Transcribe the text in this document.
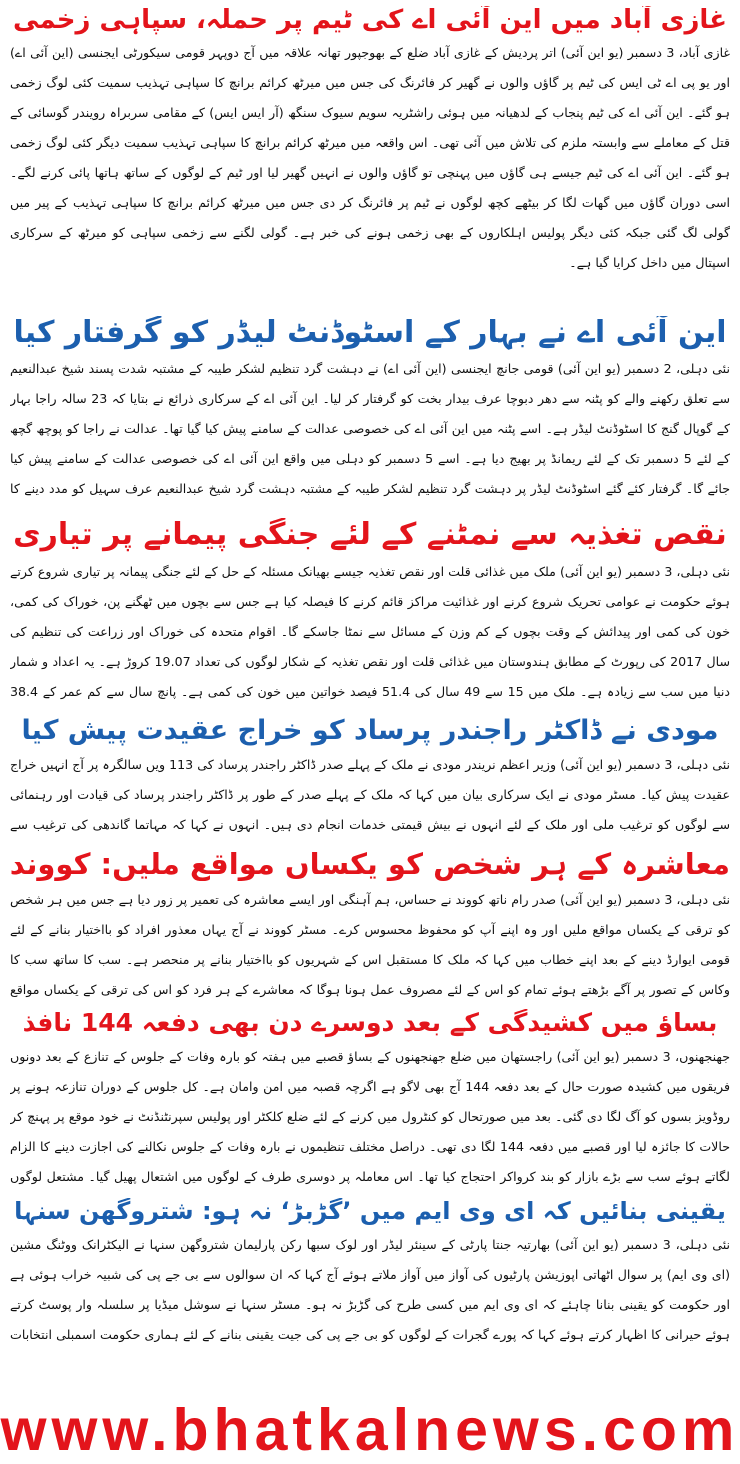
غازی آباد میں این آئی اے کی ٹیم پر حملہ، سپاہی زخمی

غازی آباد، 3 دسمبر (یو این آئی) اتر پردیش کے غازی آباد ضلع کے بھوجپور تھانہ علاقہ میں آج دوپہر قومی سیکورٹی ایجنسی (این آئی اے) اور یو پی اے ٹی ایس کی ٹیم پر گاؤں والوں نے گھیر کر فائرنگ کی جس میں میرٹھ کرائم برانچ کا سپاہی تہذیب سمیت کئی لوگ زخمی ہو گئے۔ این آئی اے کی ٹیم پنجاب کے لدھیانہ میں ہوئی راشٹریہ سویم سیوک سنگھ (آر ایس ایس) کے مقامی سربراہ رویندر گوسائی کے قتل کے معاملے سے وابستہ ملزم کی تلاش میں آئی تھی۔ اس واقعہ میں میرٹھ کرائم برانچ کا سپاہی تہذیب سمیت دیگر کئی لوگ زخمی ہو گئے۔ این آئی اے کی ٹیم جیسے ہی گاؤں میں پہنچی تو گاؤں والوں نے انہیں گھیر لیا اور ٹیم کے لوگوں کے ساتھ ہاتھا پائی کرنے لگے۔ اسی دوران گاؤں میں گھات لگا کر بیٹھے کچھ لوگوں نے ٹیم پر فائرنگ کر دی جس میں میرٹھ کرائم برانچ کا سپاہی تہذیب کے پیر میں گولی لگ گئی جبکہ کئی دیگر پولیس اہلکاروں کے بھی زخمی ہونے کی خبر ہے۔ گولی لگنے سے زخمی سپاہی کو میرٹھ کے سرکاری اسپتال میں داخل کرایا گیا ہے۔

این آئی اے نے بہار کے اسٹوڈنٹ لیڈر کو گرفتار کیا

نئی دہلی، 2 دسمبر (یو این آئی) قومی جانچ ایجنسی (این آئی اے) نے دہشت گرد تنظیم لشکر طیبہ کے مشتبہ شدت پسند شیخ عبدالنعیم سے تعلق رکھنے والے کو پٹنہ سے دھر دبوچا عرف بیدار بخت کو گرفتار کر لیا۔ این آئی اے کے سرکاری ذرائع نے بتایا کہ 23 سالہ راجا بہار کے گوپال گنج کا اسٹوڈنٹ لیڈر ہے۔ اسے پٹنہ میں این آئی اے کی خصوصی عدالت کے سامنے پیش کیا گیا تھا۔ عدالت نے راجا کو پوچھ گچھ کے لئے 5 دسمبر تک کے لئے ریمانڈ پر بھیج دیا ہے۔ اسے 5 دسمبر کو دہلی میں واقع این آئی اے کی خصوصی عدالت کے سامنے پیش کیا جائے گا۔ گرفتار کئے گئے اسٹوڈنٹ لیڈر پر دہشت گرد تنظیم لشکر طیبہ کے مشتبہ دہشت گرد شیخ عبدالنعیم عرف سہیل کو مدد دینے کا

نقص تغذیہ سے نمٹنے کے لئے جنگی پیمانے پر تیاری

نئی دہلی، 3 دسمبر (یو این آئی) ملک میں غذائی قلت اور نقص تغذیہ جیسے بھیانک مسئلہ کے حل کے لئے جنگی پیمانہ پر تیاری شروع کرتے ہوئے حکومت نے عوامی تحریک شروع کرنے اور غذائیت مراکز قائم کرنے کا فیصلہ کیا ہے جس سے بچوں میں ٹھگنے پن، خوراک کی کمی، خون کی کمی اور پیدائش کے وقت بچوں کے کم وزن کے مسائل سے نمٹا جاسکے گا۔ اقوام متحدہ کی خوراک اور زراعت کی تنظیم کی سال 2017 کی رپورٹ کے مطابق ہندوستان میں غذائی قلت اور نقص تغذیہ کے شکار لوگوں کی تعداد 19.07 کروڑ ہے۔ یہ اعداد و شمار دنیا میں سب سے زیادہ ہے۔ ملک میں 15 سے 49 سال کی 51.4 فیصد خواتین میں خون کی کمی ہے۔ پانچ سال سے کم عمر کے 38.4

مودی نے ڈاکٹر راجندر پرساد کو خراج عقیدت پیش کیا

نئی دہلی، 3 دسمبر (یو این آئی) وزیر اعظم نریندر مودی نے ملک کے پہلے صدر ڈاکٹر راجندر پرساد کی 113 ویں سالگرہ پر آج انہیں خراج عقیدت پیش کیا۔ مسٹر مودی نے ایک سرکاری بیان میں کہا کہ ملک کے پہلے صدر کے طور پر ڈاکٹر راجندر پرساد کی قیادت اور رہنمائی سے لوگوں کو ترغیب ملی اور ملک کے لئے انہوں نے بیش قیمتی خدمات انجام دی ہیں۔ انہوں نے کہا کہ مہاتما گاندھی کی ترغیب سے

معاشرہ کے ہر شخص کو یکساں مواقع ملیں: کووند

نئی دہلی، 3 دسمبر (یو این آئی) صدر رام ناتھ کووند نے حساس، ہم آہنگی اور ایسے معاشرہ کی تعمیر پر زور دیا ہے جس میں ہر شخص کو ترقی کے یکساں مواقع ملیں اور وہ اپنے آپ کو محفوظ محسوس کرے۔ مسٹر کووند نے آج یہاں معذور افراد کو بااختیار بنانے کے لئے قومی ایوارڈ دینے کے بعد اپنے خطاب میں کہا کہ ملک کا مستقبل اس کے شہریوں کو بااختیار بنانے پر منحصر ہے۔ سب کا ساتھ سب کا وکاس کے تصور پر آگے بڑھتے ہوئے تمام کو اس کے لئے مصروف عمل ہونا ہوگا کہ معاشرے کے ہر فرد کو اس کی ترقی کے یکساں مواقع

بساؤ میں کشیدگی کے بعد دوسرے دن بھی دفعہ 144 نافذ

جھنجھنوں، 3 دسمبر (یو این آئی) راجستھان میں ضلع جھنجھنوں کے بساؤ قصبے میں ہفتہ کو بارہ وفات کے جلوس کے تنازع کے بعد دونوں فریقوں میں کشیدہ صورت حال کے بعد دفعہ 144 آج بھی لاگو ہے اگرچہ قصبہ میں امن وامان ہے۔ کل جلوس کے دوران تنازعہ ہونے پر روڈویز بسوں کو آگ لگا دی گئی۔ بعد میں صورتحال کو کنٹرول میں کرنے کے لئے ضلع کلکٹر اور پولیس سپرنٹنڈنٹ نے خود موقع پر پہنچ کر حالات کا جائزہ لیا اور قصبے میں دفعہ 144 لگا دی تھی۔ دراصل مختلف تنظیموں نے بارہ وفات کے جلوس نکالنے کی اجازت دینے کا الزام لگاتے ہوئے سب سے بڑے بازار کو بند کرواکر احتجاج کیا تھا۔ اس معاملہ پر دوسری طرف کے لوگوں میں اشتعال پھیل گیا۔ مشتعل لوگوں

یقینی بنائیں کہ ای وی ایم میں ’گڑبڑ‘ نہ ہو: شتروگھن سنہا

نئی دہلی، 3 دسمبر (یو این آئی) بھارتیہ جنتا پارٹی کے سینئر لیڈر اور لوک سبھا رکن پارلیمان شتروگھن سنہا نے الیکٹرانک ووٹنگ مشین (ای وی ایم) پر سوال اٹھاتی اپوزیشن پارٹیوں کی آواز میں آواز ملاتے ہوئے آج کہا کہ ان سوالوں سے بی جے پی کی شبیہ خراب ہوئی ہے اور حکومت کو یقینی بنانا چاہئے کہ ای وی ایم میں کسی طرح کی گڑبڑ نہ ہو۔ مسٹر سنہا نے سوشل میڈیا پر سلسلہ وار پوسٹ کرتے ہوئے حیرانی کا اظہار کرتے ہوئے کہا کہ پورے گجرات کے لوگوں کو بی جے پی کی جیت یقینی بنانے کے لئے ہماری حکومت اسمبلی انتخابات

www.bhatkalnews.com
